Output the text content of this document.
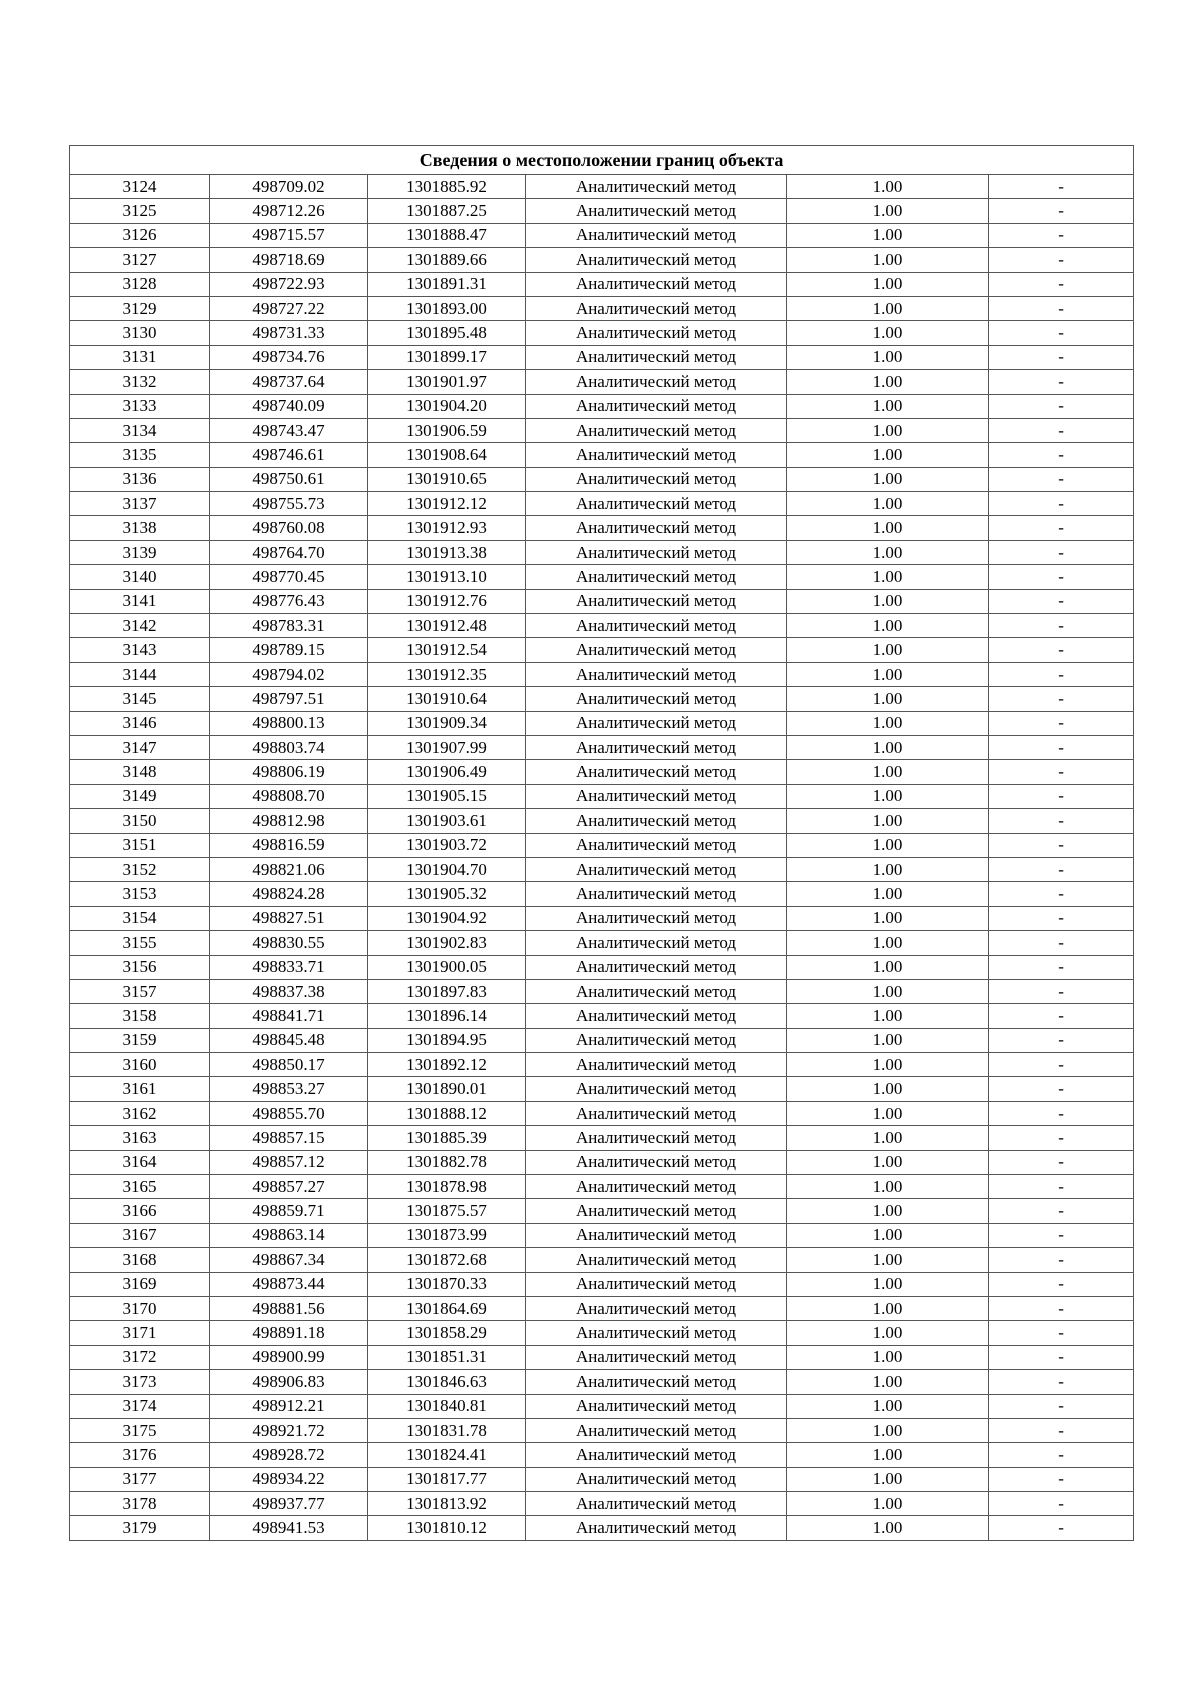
Сведения о местоположении границ объекта					
3124	498709.02	1301885.92	Аналитический метод	1.00	-
3125	498712.26	1301887.25	Аналитический метод	1.00	-
3126	498715.57	1301888.47	Аналитический метод	1.00	-
3127	498718.69	1301889.66	Аналитический метод	1.00	-
3128	498722.93	1301891.31	Аналитический метод	1.00	-
3129	498727.22	1301893.00	Аналитический метод	1.00	-
3130	498731.33	1301895.48	Аналитический метод	1.00	-
3131	498734.76	1301899.17	Аналитический метод	1.00	-
3132	498737.64	1301901.97	Аналитический метод	1.00	-
3133	498740.09	1301904.20	Аналитический метод	1.00	-
3134	498743.47	1301906.59	Аналитический метод	1.00	-
3135	498746.61	1301908.64	Аналитический метод	1.00	-
3136	498750.61	1301910.65	Аналитический метод	1.00	-
3137	498755.73	1301912.12	Аналитический метод	1.00	-
3138	498760.08	1301912.93	Аналитический метод	1.00	-
3139	498764.70	1301913.38	Аналитический метод	1.00	-
3140	498770.45	1301913.10	Аналитический метод	1.00	-
3141	498776.43	1301912.76	Аналитический метод	1.00	-
3142	498783.31	1301912.48	Аналитический метод	1.00	-
3143	498789.15	1301912.54	Аналитический метод	1.00	-
3144	498794.02	1301912.35	Аналитический метод	1.00	-
3145	498797.51	1301910.64	Аналитический метод	1.00	-
3146	498800.13	1301909.34	Аналитический метод	1.00	-
3147	498803.74	1301907.99	Аналитический метод	1.00	-
3148	498806.19	1301906.49	Аналитический метод	1.00	-
3149	498808.70	1301905.15	Аналитический метод	1.00	-
3150	498812.98	1301903.61	Аналитический метод	1.00	-
3151	498816.59	1301903.72	Аналитический метод	1.00	-
3152	498821.06	1301904.70	Аналитический метод	1.00	-
3153	498824.28	1301905.32	Аналитический метод	1.00	-
3154	498827.51	1301904.92	Аналитический метод	1.00	-
3155	498830.55	1301902.83	Аналитический метод	1.00	-
3156	498833.71	1301900.05	Аналитический метод	1.00	-
3157	498837.38	1301897.83	Аналитический метод	1.00	-
3158	498841.71	1301896.14	Аналитический метод	1.00	-
3159	498845.48	1301894.95	Аналитический метод	1.00	-
3160	498850.17	1301892.12	Аналитический метод	1.00	-
3161	498853.27	1301890.01	Аналитический метод	1.00	-
3162	498855.70	1301888.12	Аналитический метод	1.00	-
3163	498857.15	1301885.39	Аналитический метод	1.00	-
3164	498857.12	1301882.78	Аналитический метод	1.00	-
3165	498857.27	1301878.98	Аналитический метод	1.00	-
3166	498859.71	1301875.57	Аналитический метод	1.00	-
3167	498863.14	1301873.99	Аналитический метод	1.00	-
3168	498867.34	1301872.68	Аналитический метод	1.00	-
3169	498873.44	1301870.33	Аналитический метод	1.00	-
3170	498881.56	1301864.69	Аналитический метод	1.00	-
3171	498891.18	1301858.29	Аналитический метод	1.00	-
3172	498900.99	1301851.31	Аналитический метод	1.00	-
3173	498906.83	1301846.63	Аналитический метод	1.00	-
3174	498912.21	1301840.81	Аналитический метод	1.00	-
3175	498921.72	1301831.78	Аналитический метод	1.00	-
3176	498928.72	1301824.41	Аналитический метод	1.00	-
3177	498934.22	1301817.77	Аналитический метод	1.00	-
3178	498937.77	1301813.92	Аналитический метод	1.00	-
3179	498941.53	1301810.12	Аналитический метод	1.00	-
